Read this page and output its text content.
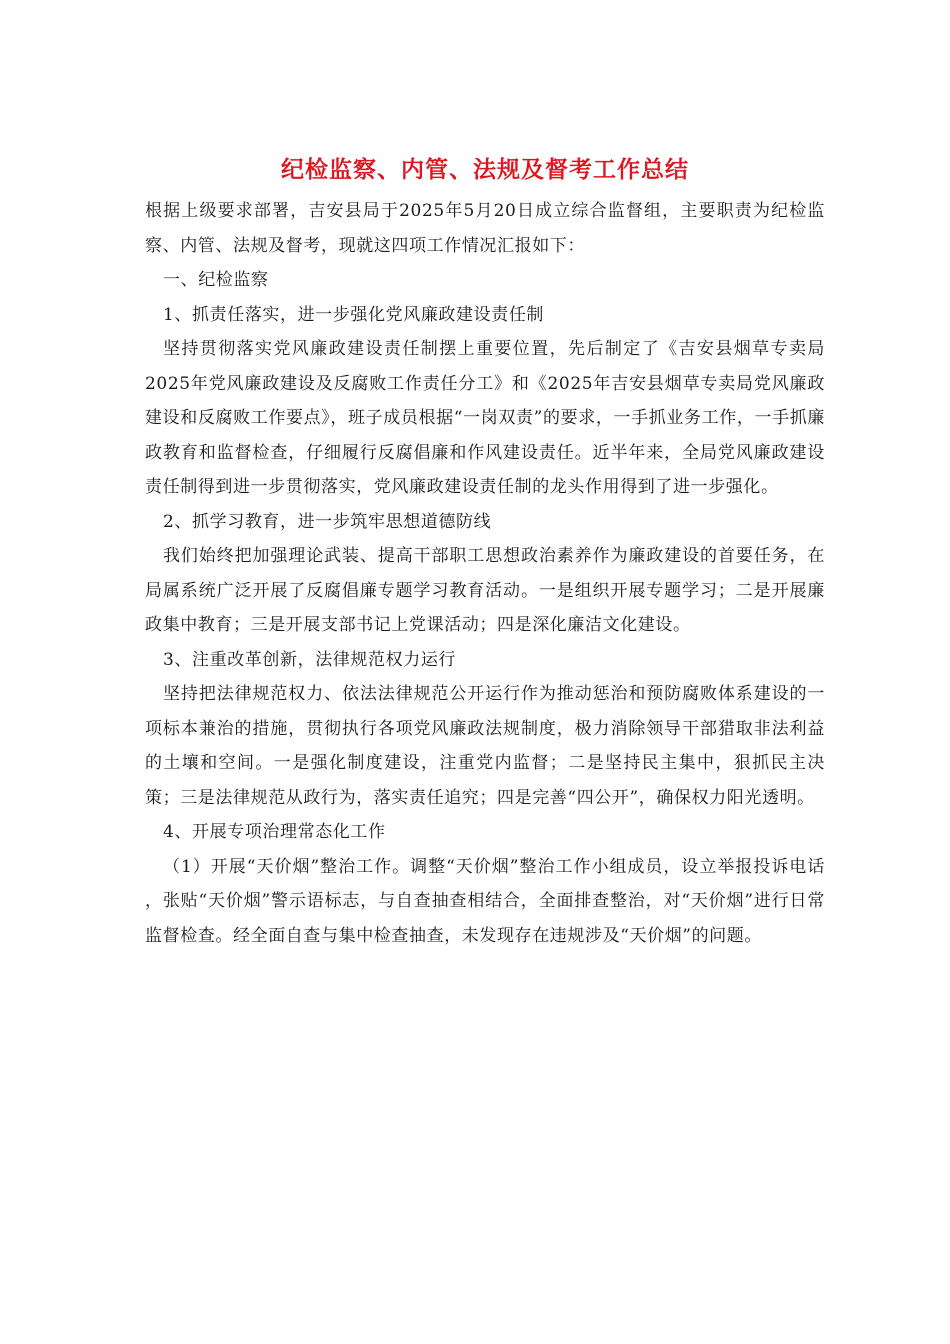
纪检监察、内管、法规及督考工作总结

根据上级要求部署，吉安县局于2025年5月20日成立综合监督组，主要职责为纪检监察、内管、法规及督考，现就这四项工作情况汇报如下：

一、纪检监察

1、抓责任落实，进一步强化党风廉政建设责任制

坚持贯彻落实党风廉政建设责任制摆上重要位置，先后制定了《吉安县烟草专卖局2025年党风廉政建设及反腐败工作责任分工》和《2025年吉安县烟草专卖局党风廉政建设和反腐败工作要点》，班子成员根据“一岗双责”的要求，一手抓业务工作，一手抓廉政教育和监督检查，仔细履行反腐倡廉和作风建设责任。近半年来，全局党风廉政建设责任制得到进一步贯彻落实，党风廉政建设责任制的龙头作用得到了进一步强化。

2、抓学习教育，进一步筑牢思想道德防线

我们始终把加强理论武装、提高干部职工思想政治素养作为廉政建设的首要任务，在局属系统广泛开展了反腐倡廉专题学习教育活动。一是组织开展专题学习；二是开展廉政集中教育；三是开展支部书记上党课活动；四是深化廉洁文化建设。

3、注重改革创新，法律规范权力运行

坚持把法律规范权力、依法法律规范公开运行作为推动惩治和预防腐败体系建设的一项标本兼治的措施，贯彻执行各项党风廉政法规制度，极力消除领导干部猎取非法利益的土壤和空间。一是强化制度建设，注重党内监督；二是坚持民主集中，狠抓民主决策；三是法律规范从政行为，落实责任追究；四是完善“四公开”，确保权力阳光透明。

4、开展专项治理常态化工作

（1）开展“天价烟”整治工作。调整“天价烟”整治工作小组成员，设立举报投诉电话 ，张贴“天价烟”警示语标志，与自查抽查相结合，全面排查整治，对“天价烟”进行日常监督检查。经全面自查与集中检查抽查，未发现存在违规涉及“天价烟”的问题。
